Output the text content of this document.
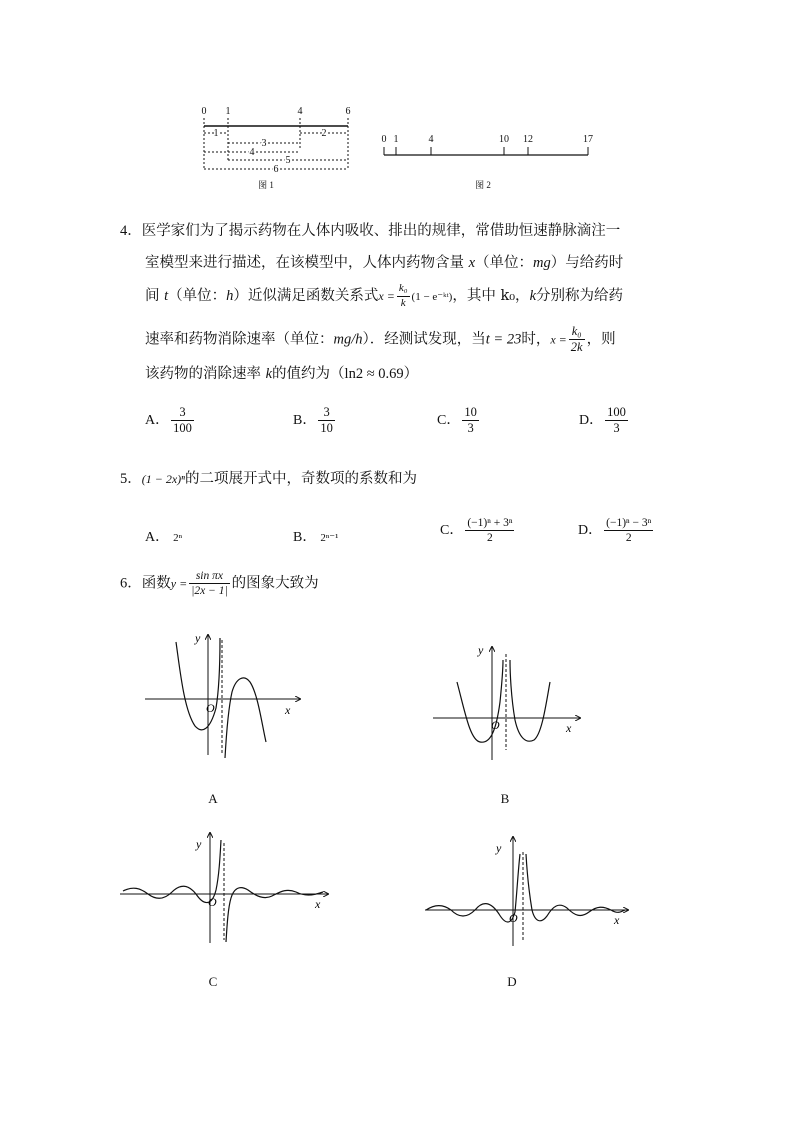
0 1	4	6
1	2
3
4
5
6
图 1
0 1	4	10 12	17
图 2
4．医学家们为了揭示药物在人体内吸收、排出的规律，常借助恒速静脉滴注一
室模型来进行描述，在该模型中，人体内药物含量 x（单位：mg）与给药时
间 t（单位：h）近似满足函数关系式$x = \frac{\text{k₀}}{k} (1$ − e⁻ᵏᵗ)，其中 k₀，k分别称为给药
速率和药物消除速率（单位：mg/h）．经测试发现，当t = 23时，$x = \frac{\text{k₀}}{2k}$ ，则
该药物的消除速率 k的值约为（ln2 ≈ 0.69）
A． $\frac{3}{100}$	B． $\frac{3}{10}$	C． $\frac{10}{3}$	D． $\frac{100}{3}$
5．(1 − 2x)ⁿ的二项展开式中，奇数项的系数和为
A． 2ⁿ	B． 2ⁿ⁻¹
C． $\frac{\text{(−1)ⁿ + 3ⁿ}}{2}$	D． $\frac{\text{(−1)ⁿ − 3ⁿ}}{2}$
6．函数$y = \frac{\text{sin πx}}{|2x - 1|}$ 的图象大致为
y
x
O
A
y
x
O
B
y
x
O
C
y
x
O
D
